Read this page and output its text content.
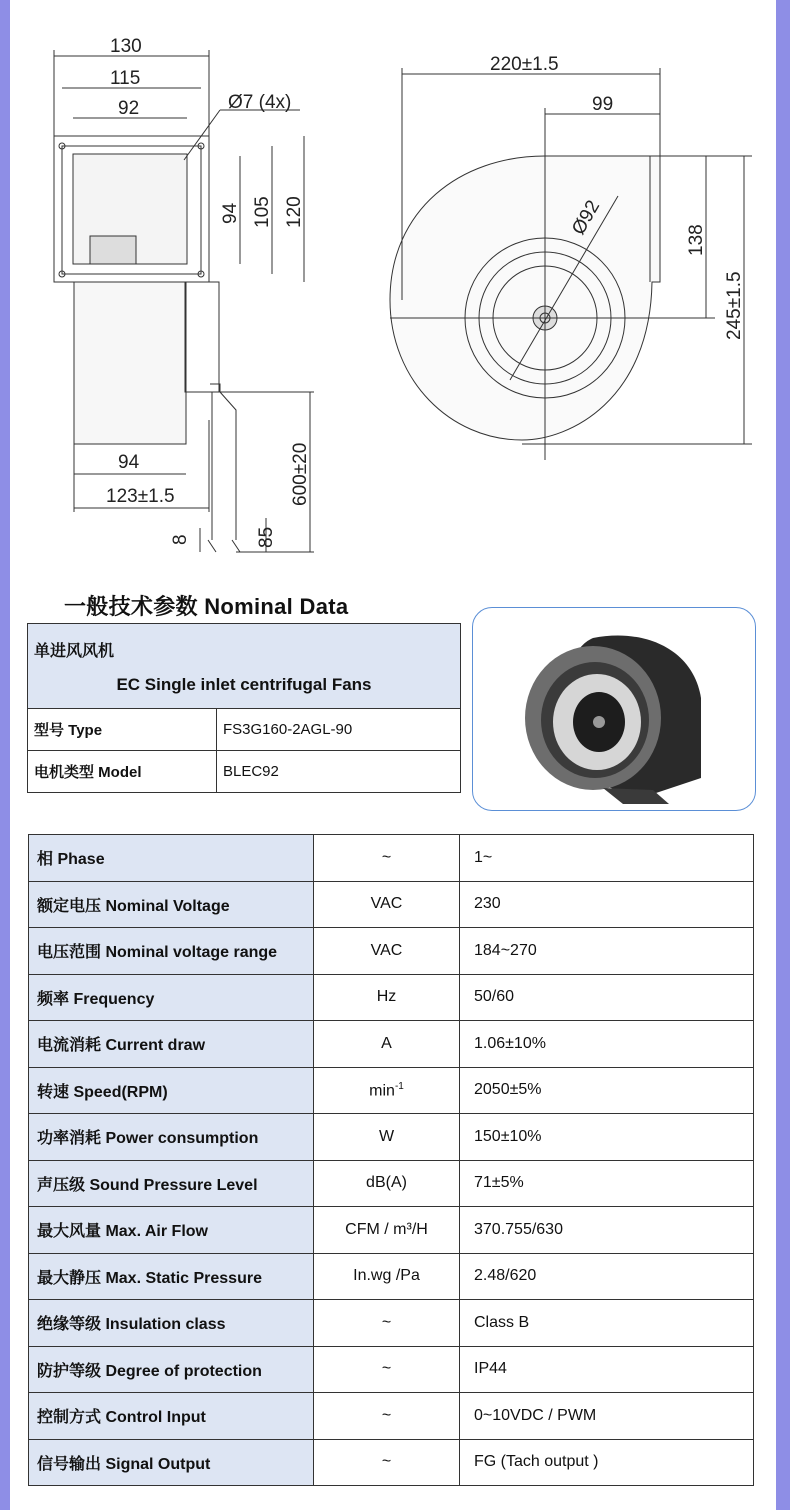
130
115
92	Ø7 (4x)
94 105 120
94
123±1.5
8	85
600±20
220±1.5
99
Ø92
138
245±1.5
一般技术参数 Nominal Data
单进风风机
EC Single inlet centrifugal Fans	

型号 Type	FS3G160-2AGL-90
电机类型 Model	BLEC92
相 Phase	~	1~
额定电压 Nominal Voltage	VAC	230
电压范围 Nominal voltage range	VAC	184~270
频率 Frequency	Hz	50/60
电流消耗 Current draw	A	1.06±10%
转速 Speed(RPM)	$\min^{-1}$	2050±5%
功率消耗 Power consumption	W	150±10%
声压级 Sound Pressure Level	dB(A)	71±5%
最大风量 Max. Air Flow	CFM / m³/H	370.755/630
最大静压 Max. Static Pressure	In.wg /Pa	2.48/620
绝缘等级 Insulation class	~	Class B
防护等级 Degree of protection	~	IP44
控制方式 Control Input	~	0~10VDC / PWM
信号输出 Signal Output	~	FG (Tach output )
